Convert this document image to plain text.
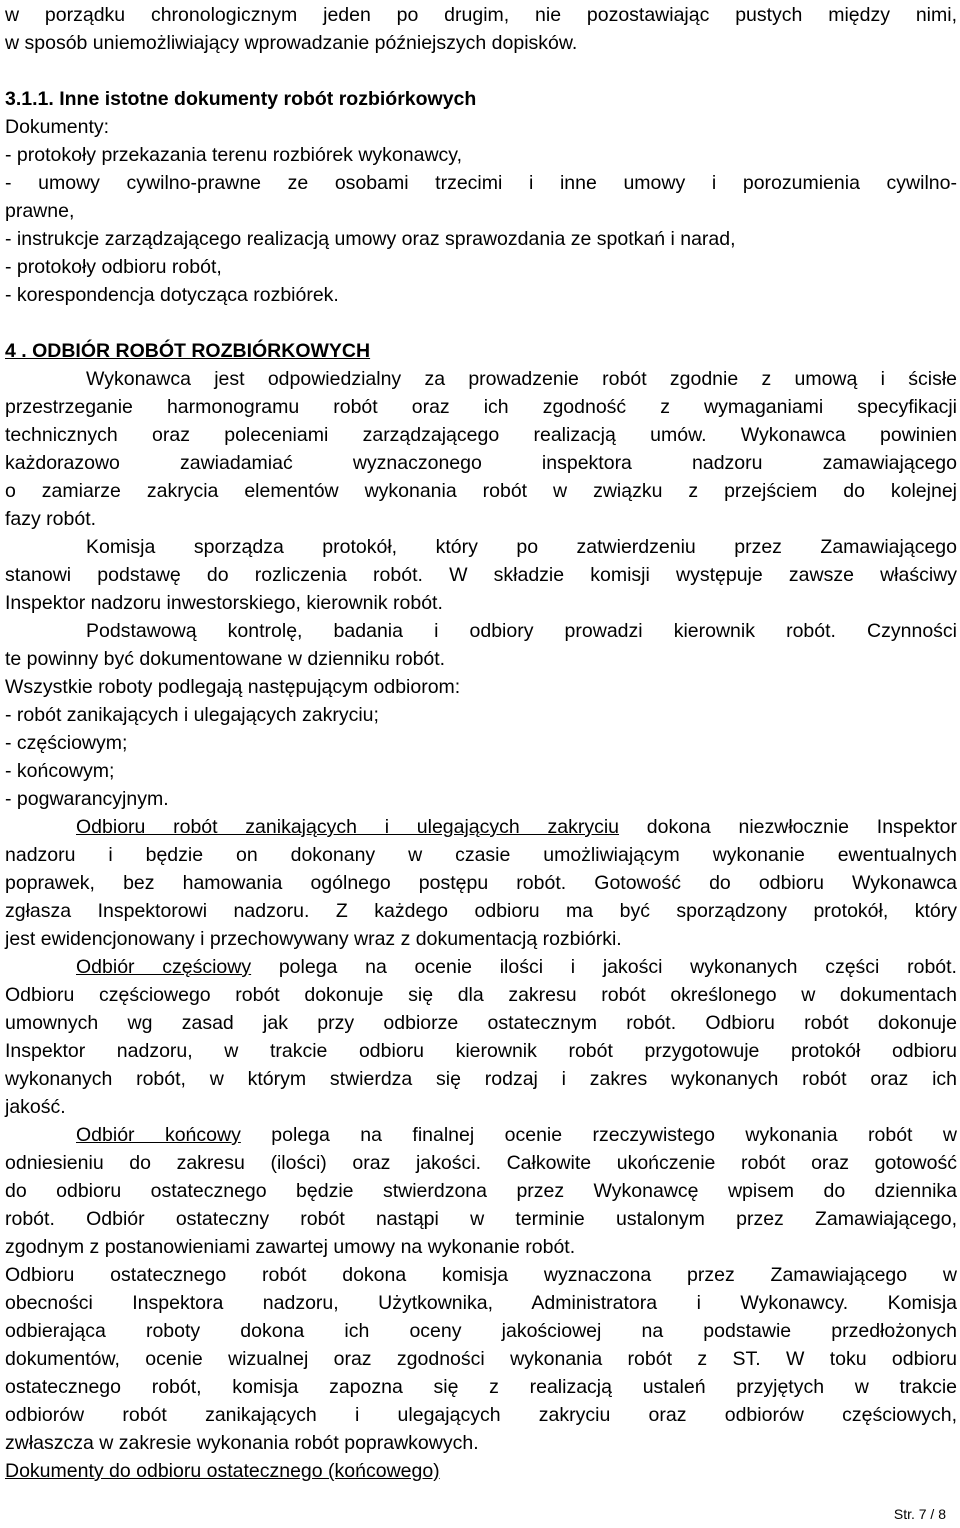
w porządku chronologicznym jeden po drugim, nie pozostawiając pustych między nimi,
w sposób uniemożliwiający wprowadzanie późniejszych dopisków.
3.1.1. Inne istotne dokumenty robót rozbiórkowych
Dokumenty:
- protokoły przekazania terenu rozbiórek wykonawcy,
- umowy cywilno-prawne ze osobami trzecimi i inne umowy i porozumienia cywilno-
prawne,
- instrukcje zarządzającego realizacją umowy oraz sprawozdania ze spotkań i narad,
- protokoły odbioru robót,
- korespondencja dotycząca rozbiórek.
4 . ODBIÓR ROBÓT ROZBIÓRKOWYCH
Wykonawca jest odpowiedzialny za prowadzenie robót zgodnie z umową i ścisłe
przestrzeganie harmonogramu robót oraz ich zgodność z wymaganiami specyfikacji
technicznych oraz poleceniami zarządzającego realizacją umów. Wykonawca powinien
każdorazowo zawiadamiać wyznaczonego inspektora nadzoru zamawiającego
o zamiarze zakrycia elementów wykonania robót w związku z przejściem do kolejnej
fazy robót.
Komisja sporządza protokół, który po zatwierdzeniu przez Zamawiającego
stanowi podstawę do rozliczenia robót. W składzie komisji występuje zawsze właściwy
Inspektor nadzoru inwestorskiego, kierownik robót.
Podstawową kontrolę, badania i odbiory prowadzi kierownik robót. Czynności
te powinny być dokumentowane w dzienniku robót.
Wszystkie roboty podlegają następującym odbiorom:
- robót zanikających i ulegających zakryciu;
- częściowym;
- końcowym;
- pogwarancyjnym.
Odbioru robót zanikających i ulegających zakryciu dokona niezwłocznie Inspektor
nadzoru i będzie on dokonany w czasie umożliwiającym wykonanie ewentualnych
poprawek, bez hamowania ogólnego postępu robót. Gotowość do odbioru Wykonawca
zgłasza Inspektorowi nadzoru. Z każdego odbioru ma być sporządzony protokół, który
jest ewidencjonowany i przechowywany wraz z dokumentacją rozbiórki.
Odbiór częściowy polega na ocenie ilości i jakości wykonanych części robót.
Odbioru częściowego robót dokonuje się dla zakresu robót określonego w dokumentach
umownych wg zasad jak przy odbiorze ostatecznym robót. Odbioru robót dokonuje
Inspektor nadzoru, w trakcie odbioru kierownik robót przygotowuje protokół odbioru
wykonanych robót, w którym stwierdza się rodzaj i zakres wykonanych robót oraz ich
jakość.
Odbiór końcowy polega na finalnej ocenie rzeczywistego wykonania robót w
odniesieniu do zakresu (ilości) oraz jakości. Całkowite ukończenie robót oraz gotowość
do odbioru ostatecznego będzie stwierdzona przez Wykonawcę wpisem do dziennika
robót. Odbiór ostateczny robót nastąpi w terminie ustalonym przez Zamawiającego,
zgodnym z postanowieniami zawartej umowy na wykonanie robót.
Odbioru ostatecznego robót dokona komisja wyznaczona przez Zamawiającego w
obecności Inspektora nadzoru, Użytkownika, Administratora i Wykonawcy. Komisja
odbierająca roboty dokona ich oceny jakościowej na podstawie przedłożonych
dokumentów, ocenie wizualnej oraz zgodności wykonania robót z ST. W toku odbioru
ostatecznego robót, komisja zapozna się z realizacją ustaleń przyjętych w trakcie
odbiorów robót zanikających i ulegających zakryciu oraz odbiorów częściowych,
zwłaszcza w zakresie wykonania robót poprawkowych.
Dokumenty do odbioru ostatecznego (końcowego)
Str. 7 / 8
